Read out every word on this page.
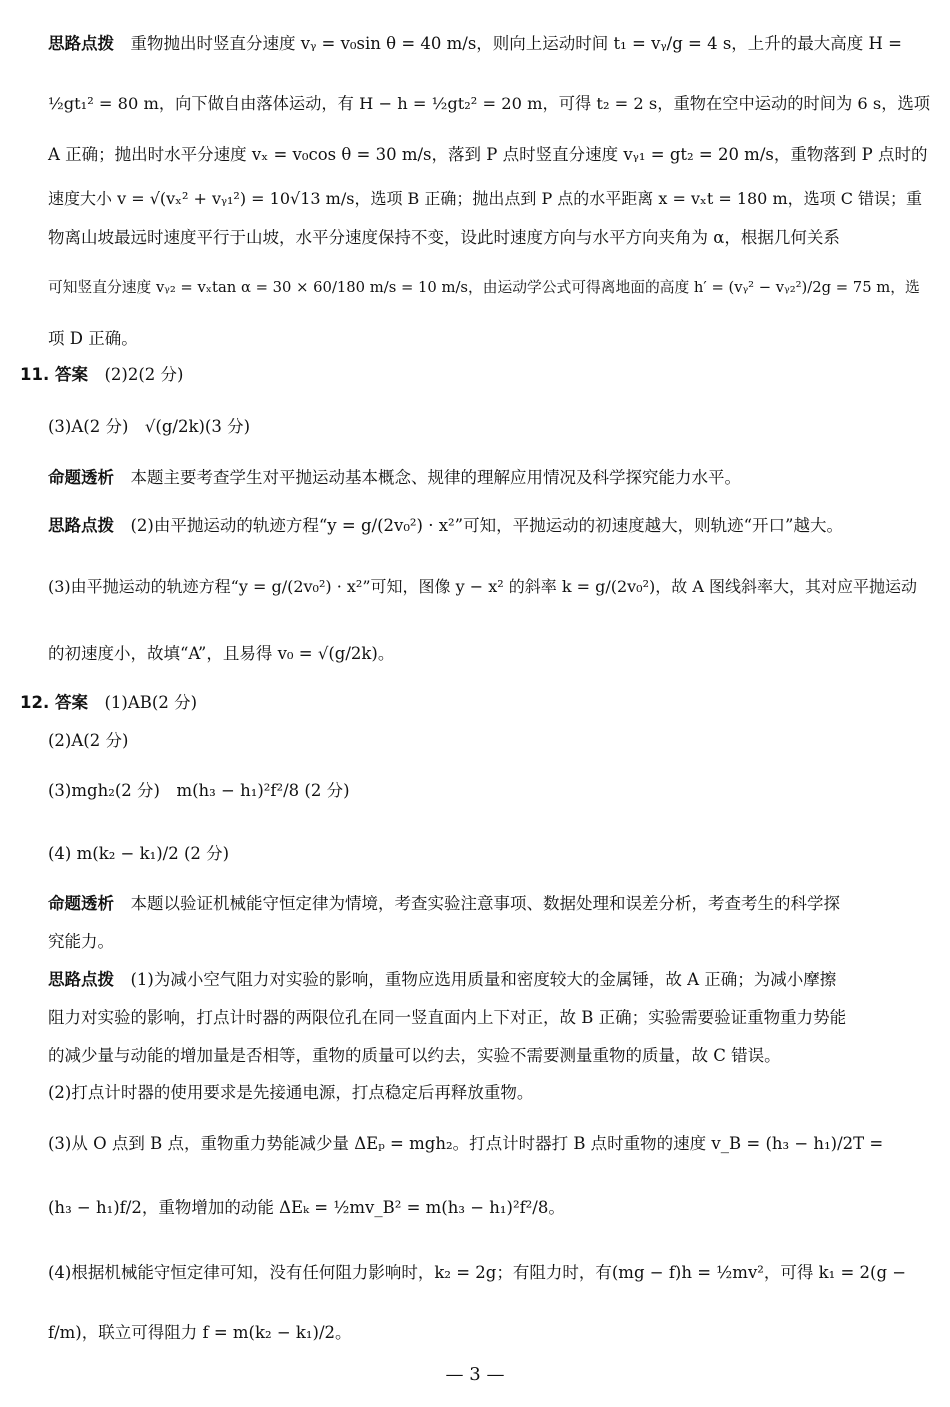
思路点拨　重物抛出时竖直分速度 vᵧ = v₀sin θ = 40 m/s，则向上运动时间 t₁ = vᵧ/g = 4 s，上升的最大高度 H =
½gt₁² = 80 m，向下做自由落体运动，有 H − h = ½gt₂² = 20 m，可得 t₂ = 2 s，重物在空中运动的时间为 6 s，选项
A 正确；抛出时水平分速度 vₓ = v₀cos θ = 30 m/s，落到 P 点时竖直分速度 vᵧ₁ = gt₂ = 20 m/s，重物落到 P 点时的
速度大小 v = √(vₓ² + vᵧ₁²) = 10√13 m/s，选项 B 正确；抛出点到 P 点的水平距离 x = vₓt = 180 m，选项 C 错误；重
物离山坡最远时速度平行于山坡，水平分速度保持不变，设此时速度方向与水平方向夹角为 α，根据几何关系
可知竖直分速度 vᵧ₂ = vₓtan α = 30 × 60/180 m/s = 10 m/s，由运动学公式可得离地面的高度 h′ = (vᵧ² − vᵧ₂²)/2g = 75 m，选
项 D 正确。
11. 答案　(2)2(2 分)
(3)A(2 分)　√(g/2k)(3 分)
命题透析　本题主要考查学生对平抛运动基本概念、规律的理解应用情况及科学探究能力水平。
思路点拨　(2)由平抛运动的轨迹方程“y = g/(2v₀²) · x²”可知，平抛运动的初速度越大，则轨迹“开口”越大。
(3)由平抛运动的轨迹方程“y = g/(2v₀²) · x²”可知，图像 y − x² 的斜率 k = g/(2v₀²)，故 A 图线斜率大，其对应平抛运动
的初速度小，故填“A”，且易得 v₀ = √(g/2k)。
12. 答案　(1)AB(2 分)
(2)A(2 分)
(3)mgh₂(2 分)　m(h₃ − h₁)²f²/8 (2 分)
(4) m(k₂ − k₁)/2 (2 分)
命题透析　本题以验证机械能守恒定律为情境，考查实验注意事项、数据处理和误差分析，考查考生的科学探
究能力。
思路点拨　(1)为减小空气阻力对实验的影响，重物应选用质量和密度较大的金属锤，故 A 正确；为减小摩擦
阻力对实验的影响，打点计时器的两限位孔在同一竖直面内上下对正，故 B 正确；实验需要验证重物重力势能
的减少量与动能的增加量是否相等，重物的质量可以约去，实验不需要测量重物的质量，故 C 错误。
(2)打点计时器的使用要求是先接通电源，打点稳定后再释放重物。
(3)从 O 点到 B 点，重物重力势能减少量 ΔEₚ = mgh₂。打点计时器打 B 点时重物的速度 v_B = (h₃ − h₁)/2T =
(h₃ − h₁)f/2，重物增加的动能 ΔEₖ = ½mv_B² = m(h₃ − h₁)²f²/8。
(4)根据机械能守恒定律可知，没有任何阻力影响时，k₂ = 2g；有阻力时，有(mg − f)h = ½mv²，可得 k₁ = 2(g −
f/m)，联立可得阻力 f = m(k₂ − k₁)/2。
— 3 —
